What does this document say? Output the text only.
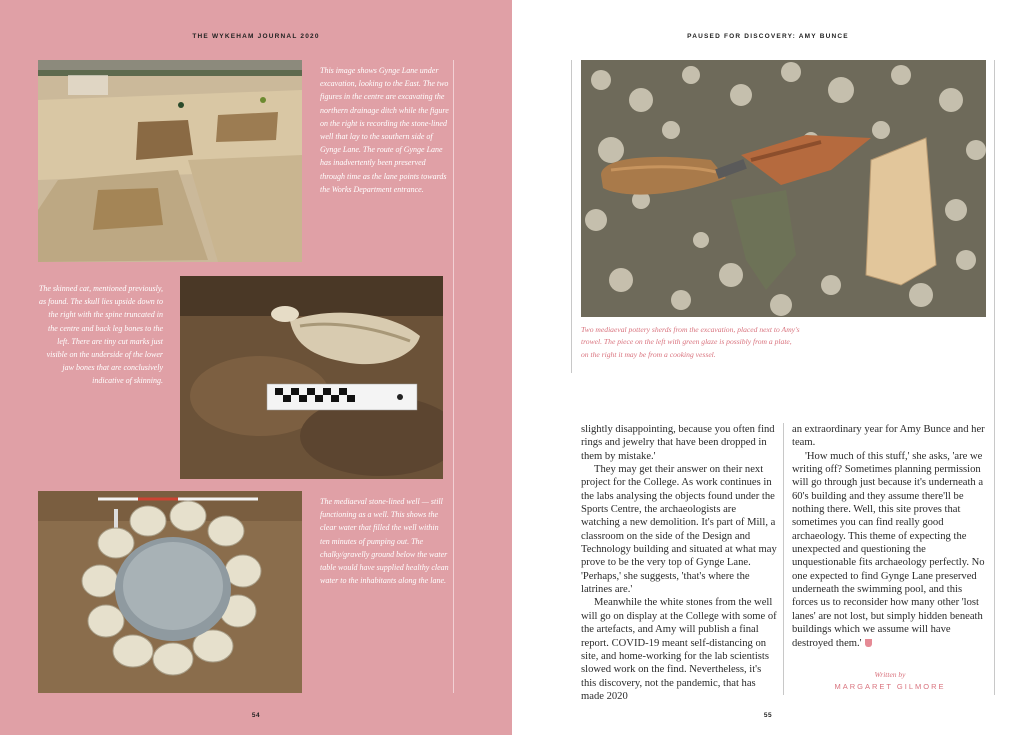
THE WYKEHAM JOURNAL 2020
This image shows Gynge Lane under excavation, looking to the East. The two figures in the centre are excavating the northern drainage ditch while the figure on the right is recording the stone-lined well that lay to the southern side of Gynge Lane. The route of Gynge Lane has inadvertently been preserved through time as the lane points towards the Works Department entrance.
The skinned cat, mentioned previously, as found. The skull lies upside down to the right with the spine truncated in the centre and back leg bones to the left. There are tiny cut marks just visible on the underside of the lower jaw bones that are conclusively indicative of skinning.
The mediaeval stone-lined well — still functioning as a well. This shows the clear water that filled the well within ten minutes of pumping out. The chalky/gravelly ground below the water table would have supplied healthy clean water to the inhabitants along the lane.
54
PAUSED FOR DISCOVERY: AMY BUNCE
Two mediaeval pottery sherds from the excavation, placed next to Amy's trowel. The piece on the left with green glaze is possibly from a plate, on the right it may be from a cooking vessel.

slightly disappointing, because you often find rings and jewelry that have been dropped in them by mistake.'

They may get their answer on their next project for the College. As work continues in the labs analysing the objects found under the Sports Centre, the archaeologists are watching a new demolition. It's part of Mill, a classroom on the side of the Design and Technology building and situated at what may prove to be the very top of Gynge Lane. 'Perhaps,' she suggests, 'that's where the latrines are.'

Meanwhile the white stones from the well will go on display at the College with some of the artefacts, and Amy will publish a final report. COVID-19 meant self-distancing on site, and home-working for the lab scientists slowed work on the find. Nevertheless, it's this discovery, not the pandemic, that has made 2020

an extraordinary year for Amy Bunce and her team.

'How much of this stuff,' she asks, 'are we writing off? Sometimes planning permission will go through just because it's underneath a 60's building and they assume there'll be nothing there. Well, this site proves that sometimes you can find really good archaeology. This theme of expecting the unexpected and questioning the unquestionable fits archaeology perfectly. No one expected to find Gynge Lane preserved underneath the swimming pool, and this forces us to reconsider how many other 'lost lanes' are not lost, but simply hidden beneath buildings which we assume will have destroyed them.'

Written by
MARGARET GILMORE
55
